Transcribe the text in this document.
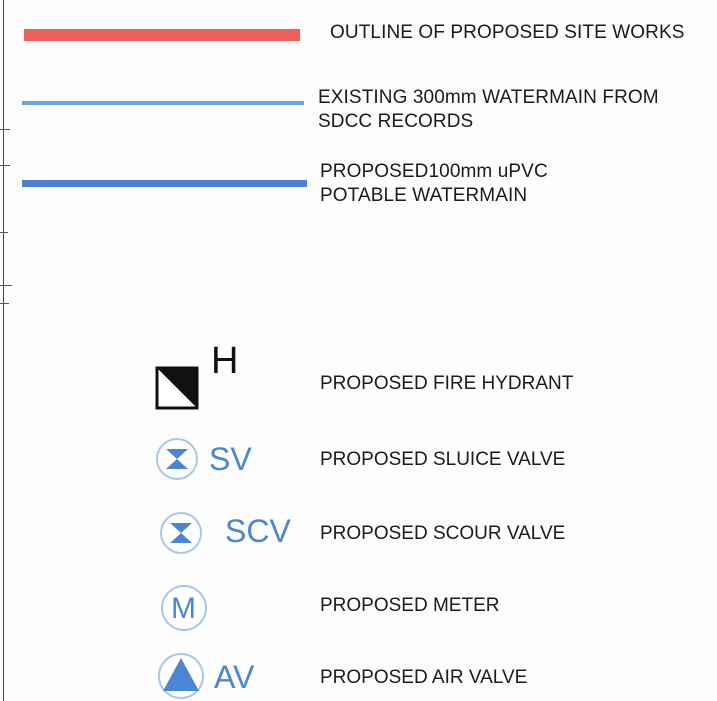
OUTLINE OF PROPOSED SITE WORKS
EXISTING 300mm WATERMAIN FROM
SDCC RECORDS
PROPOSED100mm uPVC
POTABLE WATERMAIN
H
PROPOSED FIRE HYDRANT
SV	PROPOSED SLUICE VALVE
SCV PROPOSED SCOUR VALVE
M	PROPOSED METER
AV	PROPOSED AIR VALVE
